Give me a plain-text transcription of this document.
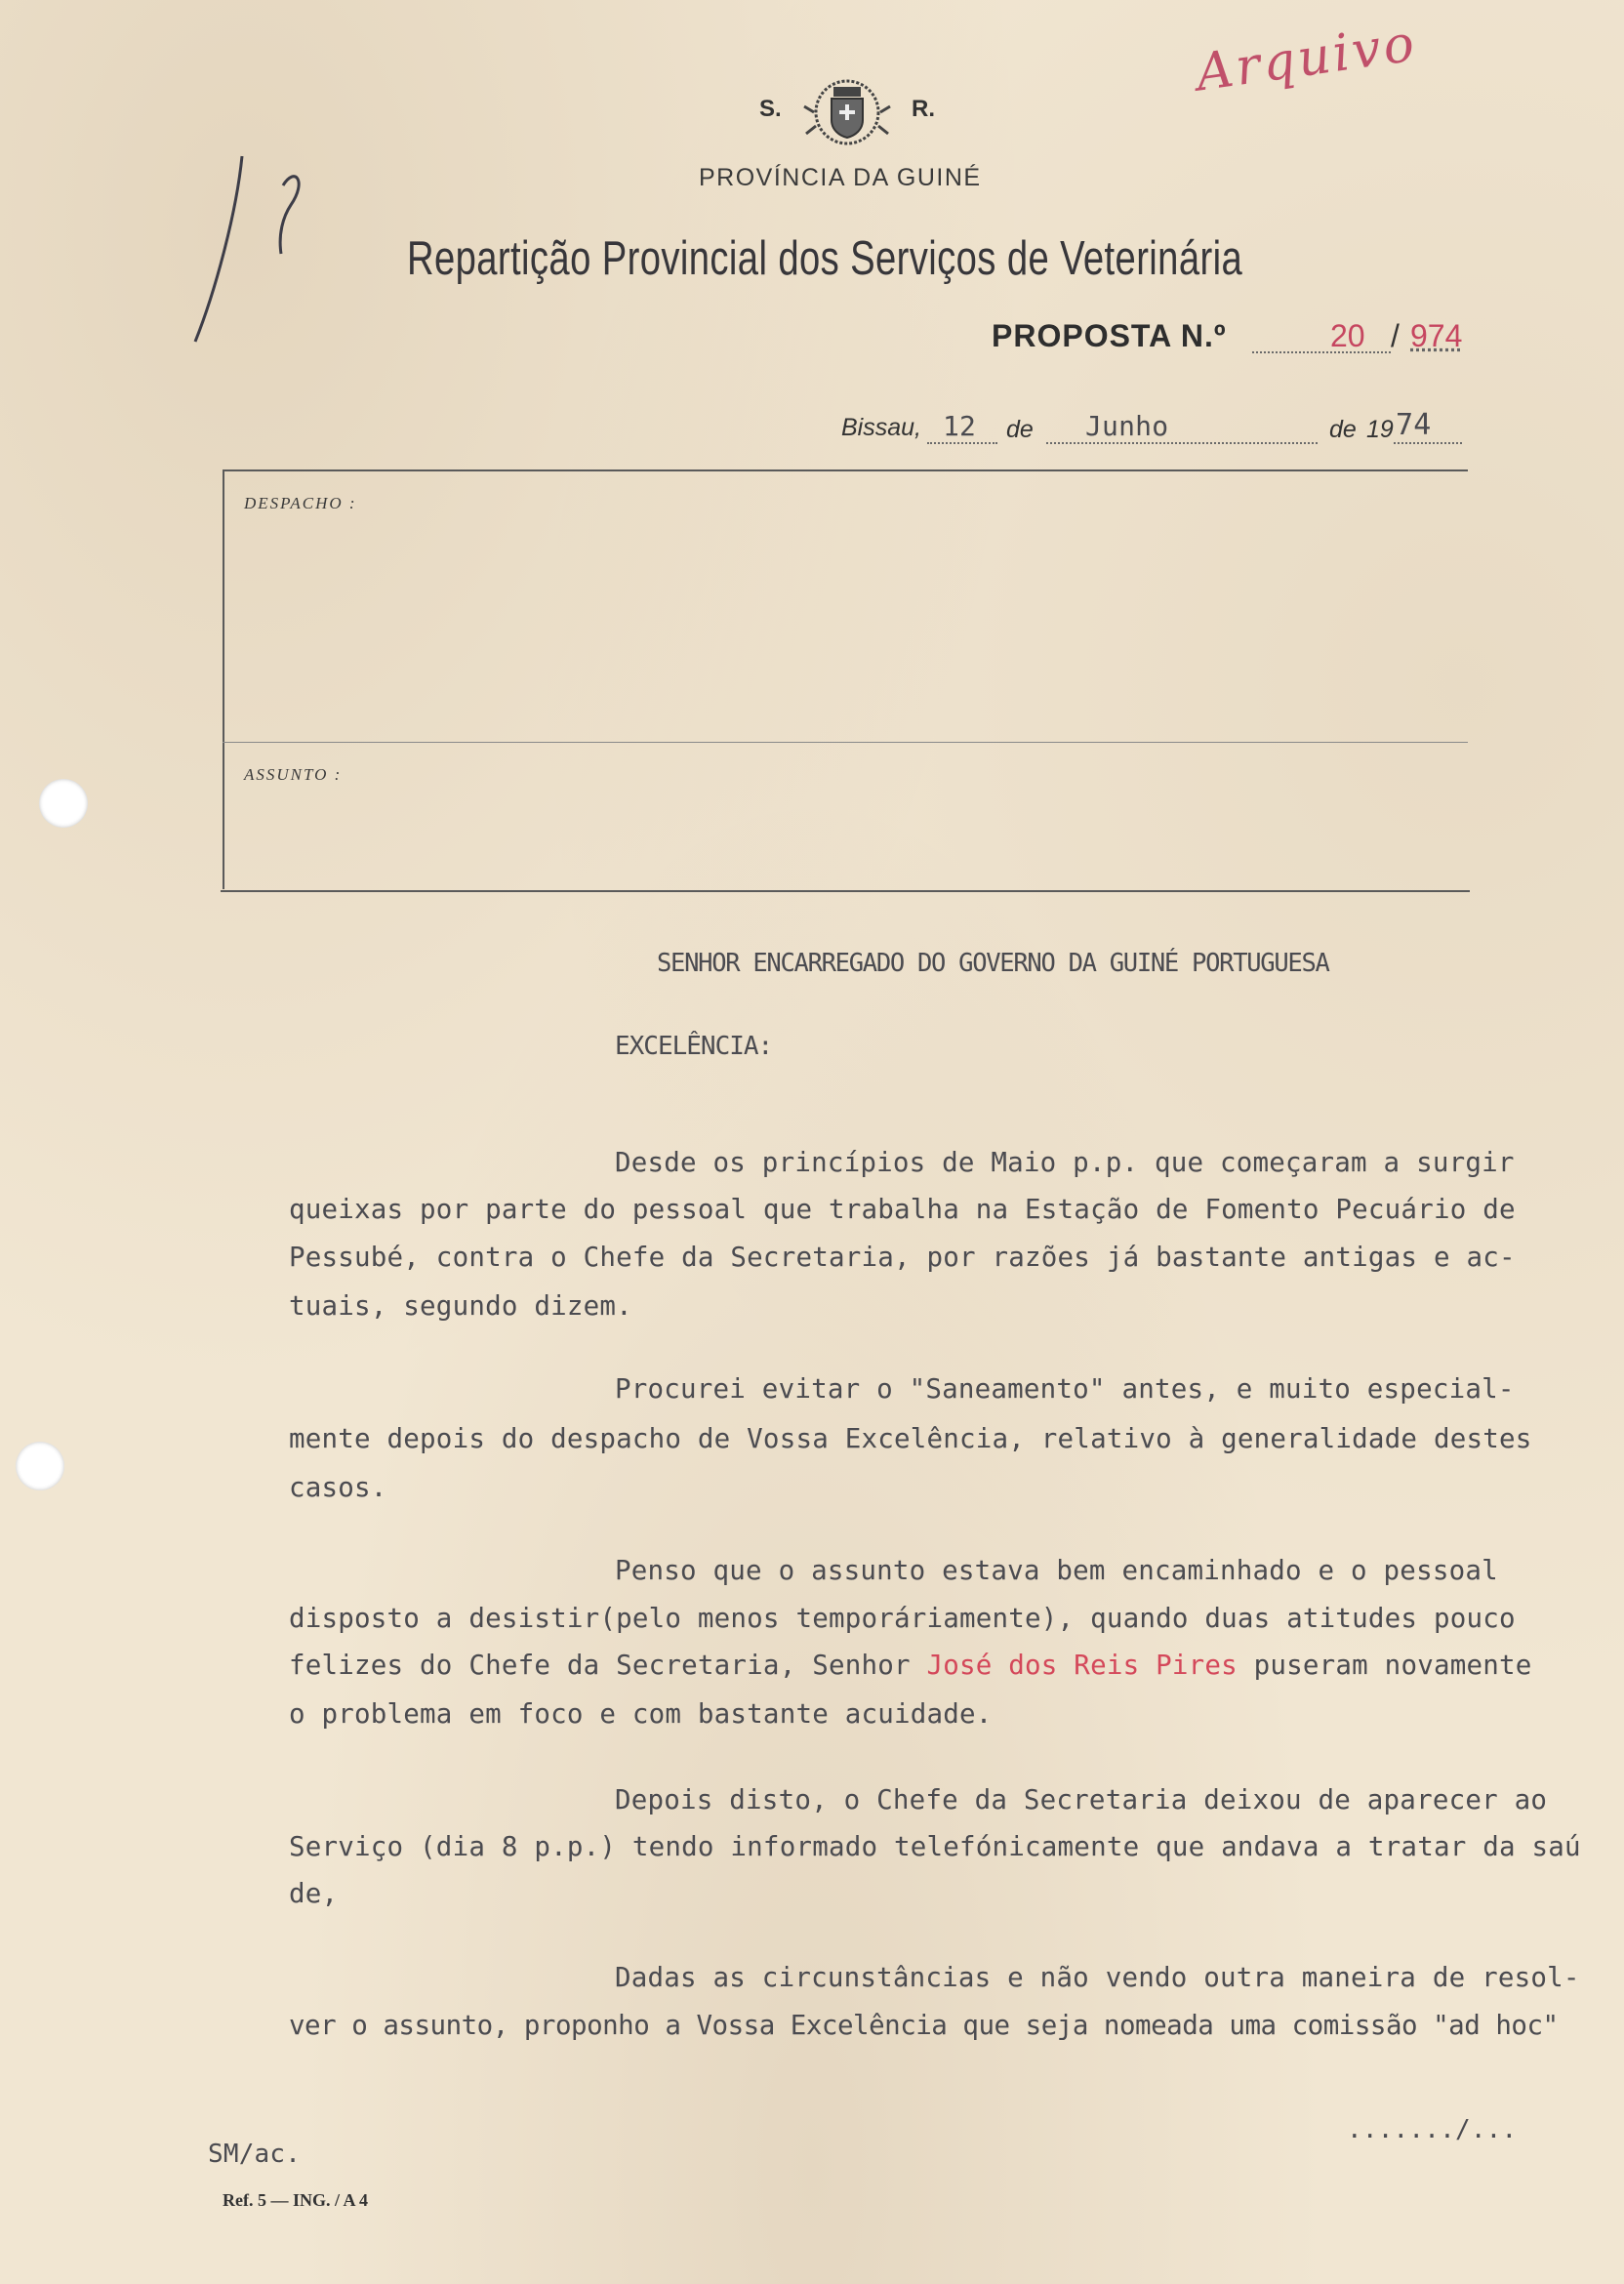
Arquivo
S.	R.
PROVÍNCIA DA GUINÉ
Repartição Provincial dos Serviços de Veterinária
PROPOSTA N.º	20 / 974
Bissau, 12 de Junho	de 19 74
DESPACHO :
ASSUNTO :
SENHOR ENCARREGADO DO GOVERNO DA GUINÉ PORTUGUESA
EXCELÊNCIA:
Desde os princípios de Maio p.p. que começaram a surgir
queixas por parte do pessoal que trabalha na Estação de Fomento Pecuário de
Pessubé, contra o Chefe da Secretaria, por razões já bastante antigas e ac-
tuais, segundo dizem.
Procurei evitar o "Saneamento" antes, e muito especial-
mente depois do despacho de Vossa Excelência, relativo à generalidade destes
casos.
Penso que o assunto estava bem encaminhado e o pessoal
disposto a desistir(pelo menos temporáriamente), quando duas atitudes pouco
felizes do Chefe da Secretaria, Senhor José dos Reis Pires puseram novamente
o problema em foco e com bastante acuidade.
Depois disto, o Chefe da Secretaria deixou de aparecer ao
Serviço (dia 8 p.p.) tendo informado telefónicamente que andava a tratar da saú
de,
Dadas as circunstâncias e não vendo outra maneira de resol-
ver o assunto, proponho a Vossa Excelência que seja nomeada uma comissão "ad hoc"
......./...
SM/ac.
Ref. 5 — ING. / A 4
